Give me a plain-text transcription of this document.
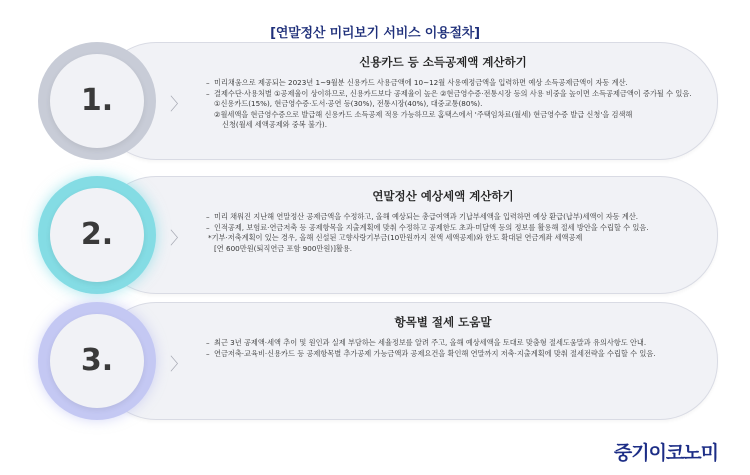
[연말정산 미리보기 서비스 이용절차]
1.	〉
신용카드 등 소득공제액 계산하기
– 미리채움으로 제공되는 2023년 1~9월분 신용카드 사용금액에 10~12월 사용예정금액을 입력하면 예상 소득공제금액이 자동 계산.
– 결제수단·사용처별 ①공제율이 상이하므로, 신용카드보다 공제율이 높은 ②현금영수증·전통시장 등의 사용 비중을 높이면 소득공제금액이 증가될 수 있음.
①신용카드(15%), 현금영수증·도서·공연 등(30%), 전통시장(40%), 대중교통(80%).
②월세액을 현금영수증으로 발급해 신용카드 소득공제 적용 가능하므로 홈택스에서 '주택임차료(월세) 현금영수증 발급 신청'을 검색해
신청(월세 세액공제와 중복 불가).
2.	〉
연말정산 예상세액 계산하기
– 미리 채워진 지난해 연말정산 공제금액을 수정하고, 올해 예상되는 총급여액과 기납부세액을 입력하면 예상 환급(납부)세액이 자동 계산.
– 인적공제, 보험료·연금저축 등 공제항목을 지출계획에 맞춰 수정하고 공제한도 초과·미달액 등의 정보를 활용해 절세 방안을 수립할 수 있음.
*기부·저축계획이 있는 경우, 올해 신설된 고향사랑기부금(10만원까지 전액 세액공제)와 한도 확대된 연금계좌 세액공제
[연 600만원(퇴직연금 포함 900만원)]활용.
3.	〉
항목별 절세 도움말
– 최근 3년 공제액·세액 추이 및 원인과 실제 부담하는 세율정보를 알려 주고, 올해 예상세액을 토대로 맞춤형 절세도움말과 유의사항도 안내.
– 연금저축·교육비·신용카드 등 공제항목별 추가공제 가능금액과 공제요건을 확인해 연말까지 저축·지출계획에 맞춰 절세전략을 수립할 수 있음.
중기이코노미
